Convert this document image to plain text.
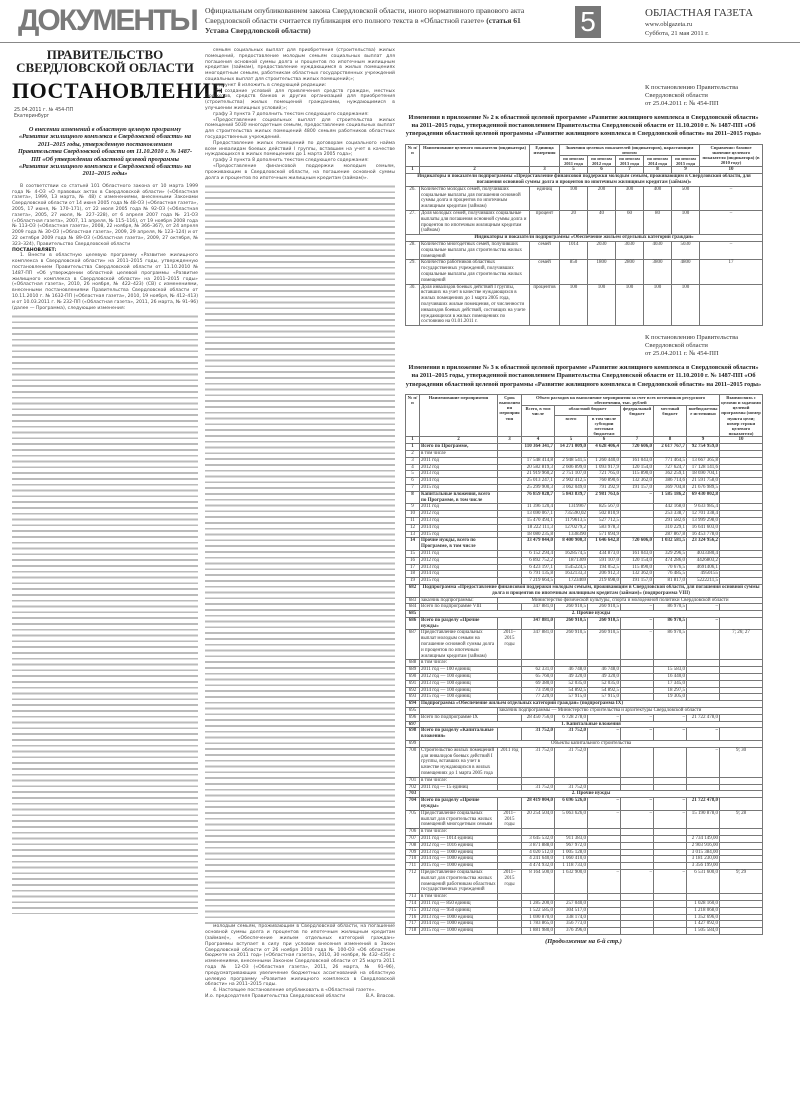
ДОКУМЕНТЫ Официальным опубликованием закона Свердловской области, иного нормативного правового акта Свердловской области считается публикация его полного текста в «Областной газете» (статья 61 Устава Свердловской области)	5	ОБЛАСТНАЯ ГАЗЕТА
www.oblgazeta.ru
Суббота, 21 мая 2011 г.
ПРАВИТЕЛЬСТВО
СВЕРДЛОВСКОЙ ОБЛАСТИ
ПОСТАНОВЛЕНИЕ
25.04.2011 г. № 454-ПП
Екатеринбург
О внесении изменений в областную целевую программу «Развитие жилищного комплекса в Свердловской области» на 2011–2015 годы, утвержденную постановлением Правительства Свердловской области от 11.10.2010 г. № 1487-ПП «Об утверждении областной целевой программы «Развитие жилищного комплекса в Свердловской области» на 2011–2015 годы»

В соответствии со статьей 101 Областного закона от 10 марта 1999 года № 4-ОЗ «О правовых актах в Свердловской области» («Областная газета», 1999, 13 марта, № 48) с изменениями, внесенными Законами Свердловской области от 14 июня 2005 года № 48-ОЗ («Областная газета», 2005, 17 июня, № 170–171), от 22 июля 2005 года № 92-ОЗ («Областная газета», 2005, 27 июля, № 227–228), от 6 апреля 2007 года № 21-ОЗ («Областная газета», 2007, 11 апреля, № 115–116), от 19 ноября 2008 года № 113-ОЗ («Областная газета», 2008, 22 ноября, № 366–367), от 24 апреля 2009 года № 30-ОЗ («Областная газета», 2009, 29 апреля, № 123–124) и от 22 октября 2009 года № 89-ОЗ («Областная газета», 2009, 27 октября, № 323–324), Правительство Свердловской области

ПОСТАНОВЛЯЕТ:

1. Внести в областную целевую программу «Развитие жилищного комплекса в Свердловской области» на 2011–2015 годы, утвержденную постановлением Правительства Свердловской области от 11.10.2010 № 1487-ПП «Об утверждении областной целевой программы «Развитие жилищного комплекса в Свердловской области» на 2011–2015 годы» («Областная газета», 2010, 26 ноября, № 422–423) (СВ) с изменениями, внесенными постановлениями Правительства Свердловской области от 10.11.2010 г. № 1632-ПП («Областная газета», 2010, 19 ноября, № 412–413) и от 10.03.2011 г. № 232-ПП («Областная газета», 2011, 26 марта, № 91–96) (далее — Программа), следующие изменения:

семьям социальных выплат для приобретения (строительства) жилых помещений, предоставление молодым семьям социальных выплат для погашения основной суммы долга и процентов по ипотечным жилищным кредитам (займам), предоставление нуждающимся в жилых помещениях многодетным семьям, работникам областных государственных учреждений социальных выплат для строительства жилых помещений;»;

подпункт 8 изложить в следующей редакции:

«8) создание условий для привлечения средств граждан, местных бюджетов, средств банков и других организаций для приобретения (строительства) жилых помещений гражданами, нуждающимися в улучшении жилищных условий;»;

графу 3 пункта 7 дополнить текстом следующего содержания:

«Предоставление социальных выплат для строительства жилых помещений 5030 многодетным семьям, предоставление социальных выплат для строительства жилых помещений 4800 семьям работников областных государственных учреждений.

Предоставление жилых помещений по договорам социального найма всем инвалидам боевых действий I группы, вставшим на учет в качестве нуждающихся в жилых помещениях до 1 марта 2005 года»;

графу 3 пункта 8 дополнить текстом следующего содержания:

«Предоставление финансовой поддержки молодым семьям, проживающим в Свердловской области, на погашение основной суммы долга и процентов по ипотечным жилищным кредитам (займам)».

молодым семьям, проживающим в Свердловской области, на погашение основной суммы долга и процентов по ипотечным жилищным кредитам (займам)», «Обеспечение жильем отдельных категорий граждан» Программы вступает в силу при условии внесения изменений в Закон Свердловской области от 26 ноября 2010 года № 100-ОЗ «Об областном бюджете на 2011 год» («Областная газета», 2010, 30 ноября, № 432–435) с изменениями, внесенными Законом Свердловской области от 25 марта 2011 года № 12-ОЗ («Областная газета», 2011, 26 марта, № 91–96), предусматривающих увеличение бюджетных ассигнований на областную целевую программу «Развитие жилищного комплекса в Свердловской области» на 2011–2015 годы.

4. Настоящее постановление опубликовать в «Областной газете».

И.о. председателя Правительства Свердловской области	В.А. Власов.
К постановлению Правительства
Свердловской области
от 25.04.2011 г. № 454-ПП
Изменения в приложение № 2 к областной целевой программе «Развитие жилищного комплекса в Свердловской области» на 2011–2015 годы, утвержденной постановлением Правительства Свердловской области от 11.10.2010 г. № 1487-ПП «Об утверждении областной целевой программы «Развитие жилищного комплекса в Свердловской области» на 2011–2015 годы»
№ п/п	Наименование целевого показателя (индикатора)	Единица измерения	Значения целевых показателей (индикаторов), нарастающим итогом					Справочно: базовое значение целевого показателя (индикатора) (в 2010 году)
			по итогам 2011 года	по итогам 2012 года	по итогам 2013 года	по итогам 2014 года	по итогам 2015 года	
1	2	3	5	6	7	8	9	10
Индикаторы и показатели подпрограммы «Предоставление финансовой поддержки молодым семьям, проживающим в Свердловской области, для погашения основной суммы долга и процентов по ипотечным жилищным кредитам (займам)»								
26.	Количество молодых семей, получивших социальные выплаты для погашения основной суммы долга и процентов по ипотечным жилищным кредитам (займам)	единиц	100	200	300	400	500	–
27.	Доля молодых семей, получивших социальные выплаты для погашения основной суммы долга и процентов по ипотечным жилищным кредитам (займам)	процент	20	40	60	80	100	–
Индикаторы и показатели подпрограммы «Обеспечение жильем отдельных категорий граждан»								
28.	Количество многодетных семей, получивших социальные выплаты для строительства жилых помещений	семей	1014	2030	3030	4030	5030	–
29.	Количество работников областных государственных учреждений, получивших социальные выплаты для строительства жилых помещений	семей	850	1800	2800	3800	4800	17
30.	Доля инвалидов боевых действий I группы, вставших на учет в качестве нуждающихся в жилых помещениях до 1 марта 2005 года, получивших жилые помещения, от численности инвалидов боевых действий, состоящих на учете нуждающихся в жилых помещениях по состоянию на 01.01.2011 г.	процентов	100	100	100	100	100	
К постановлению Правительства
Свердловской области
от 25.04.2011 г. № 454-ПП
Изменения в приложение № 3 к областной целевой программе «Развитие жилищного комплекса в Свердловской области» на 2011–2015 годы, утвержденной постановлением Правительства Свердловской области от 11.10.2010 г. № 1487-ПП «Об утверждении областной целевой программы «Развитие жилищного комплекса в Свердловской области» на 2011–2015 годы»
№ п/п	Наименование мероприятия	Срок выполнения мероприятия	Объем расходов на выполнение мероприятия за счет всех источников ресурсного обеспечения, тыс. рублей						Взаимосвязь с целями и задачами целевой программы (номер пункта цели; номер строки целевого показателя)
			Всего, в том числе	областной бюджет		федеральный бюджет	местный бюджет	внебюджетные источники	
				всего	в том числе субсидии местным бюджетам				
1	2	3	4	5	6	7	8	9	10
1	Всего по Программе,		110 364 341,7	14 271 009,0	4 628 406,4	720 606,0	2 617 767,7	92 754 959,0	
2	в том числе								
3	2011 год		17 548 414,8	2 948 541,5	1 260 440,0	161 043,0	771 464,5	13 667 365,8	
4	2012 год		20 582 819,3	2 606 899,0	1 093 917,9	120 154,0	727 624,7	17 128 141,6	
5	2013 год		21 919 960,2	2 751 107,0	721 765,0	115 890,0	362 259,1	18 690 704,1	
6	2014 год		25 013 247,1	2 902 412,5	760 890,6	132 362,0	386 714,6	21 591 758,0	
7	2015 год		25 299 900,3	3 062 049,0	791 392,9	191 157,0	369 704,8	21 676 989,5	
8	Капитальные вложения, всего по Программе, в том числе		76 859 028,7	5 843 839,7	2 981 763,6	–	1 585 186,2	69 430 002,8	
9	2011 год		11 396 120,4	1319967	825 567,0		442 168,0	9 633 985,4	
10	2012 год		13 690 067,1	735590,02	502 810,9		253 338,7	12 701 338,4	
11	2013 год		15 470 494,1	1179613,5	527 712,5		291 582,6	13 999 298,0	
12	2014 год		18 222 111,3	1270279,2	583 978,3		310 229,1	16 641 603,0	
13	2015 год		18 080 235,8	1338390	571 694,9		287 867,8	16 453 778,0	
14	Прочие нужды, всего по Программе, в том числе		33 479 044,0	8 400 900,3	1 646 642,8	720 606,0	1 032 581,5	23 324 956,2	
15	2011 год		6 152 294,4	1628574,5	434 873,0	161 043,0	329 296,5	4033380,4	
16	2012 год		6 892 752,2	1871309	591 107,0	120 154,0	474 286,0	4426803,2	
17	2013 год		6 423 197,1	1545224,5	194 052,5	115 890,0	70 676,5	4691406,1	
18	2014 год		6 791 135,8	1632133,3	206 912,3	132 362,0	76 485,5	4950155	
19	2015 год		7 219 664,5	1723469	219 698,0	191 157,0	81 817,0	5222211,5	
682	Подпрограмма «Предоставление финансовой поддержки молодым семьям, проживающим в Свердловской области, для погашения основной суммы долга и процентов по ипотечным жилищным кредитам (займам)» (подпрограмма VIII)								
683	заказчик подпрограммы:	Министерство физической культуры, спорта и молодежной политики Свердловской области							
684	Всего по подпрограмме VIII		347 881,0	260 910,5	260 910,5	–	86 970,5	–	
685	2. Прочие нужды								
686	Всего по разделу «Прочие нужды»		347 881,0	260 910,5	260 910,5	–	86 970,5	–	
687	Предоставление социальных выплат молодым семьям на погашение основной суммы долга и процентов по ипотечным жилищным кредитам (займам)	2011–2015 годы	347 881,0	260 910,5	260 910,5	–	86 970,5		7; 26; 27
688	в том числе:								
689	2011 год — 100 единиц		62 331,0	46 748,0	46 748,0		15 583,0		
690	2012 год — 100 единиц		65 760,0	49 320,0	49 320,0		16 440,0		
691	2013 год — 100 единиц		69 380,0	52 035,0	52 035,0		17 345,0		
692	2014 год — 100 единиц		73 190,0	54 892,5	54 892,5		18 297,5		
693	2015 год — 100 единиц		77 220,0	57 915,0	57 915,0		19 305,0		
694	Подпрограмма «Обеспечение жильем отдельных категорий граждан» (подпрограмма IX)								
695		заказчик подпрограммы — Министерство строительства и архитектуры Свердловской области							
696	Всего по подпрограмме IX		28 450 756,0	6 728 278,0	–	–	–	21 722 478,0	
697	1. Капитальные вложения								
698	Всего по разделу «Капитальные вложения»		31 752,0	31 752,0	–	–	–	–	
699	Объекты капитального строительства								
700	Строительство жилых помещений для инвалидов боевых действий I группы, вставших на учет в качестве нуждающихся в жилых помещениях до 1 марта 2005 года	2011 год	31 752,0	31 752,0				–	9; 30
701	в том числе:								
702	2011 год — 15 единиц		31 752,0	31 752,0					
703	2. Прочие нужды								
704	Всего по разделу «Прочие нужды»		28 419 004,0	6 696 526,0	–	–	–	21 722 478,0	
705	Предоставление социальных выплат для строительства жилых помещений многодетным семьям	2011–2015 годы	20 254 504,0	5 063 626,0	–	–	–	15 190 878,0	9; 28
706	в том числе:								
707	2011 год — 1014 единиц		3 645 532,0	911 383,0				2 734 149,00	
708	2012 год — 1016 единиц		3 871 888,0	967 972,0				2 903 916,00	
709	2013 год — 1000 единиц		4 020 512,0	1 005 128,0				3 015 384,00	
710	2014 год — 1000 единиц		4 241 640,0	1 060 410,0				3 181 230,00	
711	2015 год — 1000 единиц		4 474 932,0	1 118 733,0				3 356 199,00	
712	Предоставление социальных выплат для строительства жилых помещений работникам областных государственных учреждений	2011–2015 годы	8 164 500,0	1 632 900,0	–	–	–	6 531 600,0	9; 29
713	в том числе:								
714	2011 год — 850 единиц		1 285 200,0	257 040,0				1 028 160,0	
715	2012 год — 950 единиц		1 522 585,0	304 517,0				1 218 068,0	
716	2013 год — 1000 единиц		1 690 870,0	338 174,0				1 352 696,0	
717	2014 год — 1000 единиц		1 783 865,0	356 773,0				1 427 092,0	
718	2015 год — 1000 единиц		1 881 980,0	376 396,0				1 505 584,0	
(Продолжение на 6-й стр.)
